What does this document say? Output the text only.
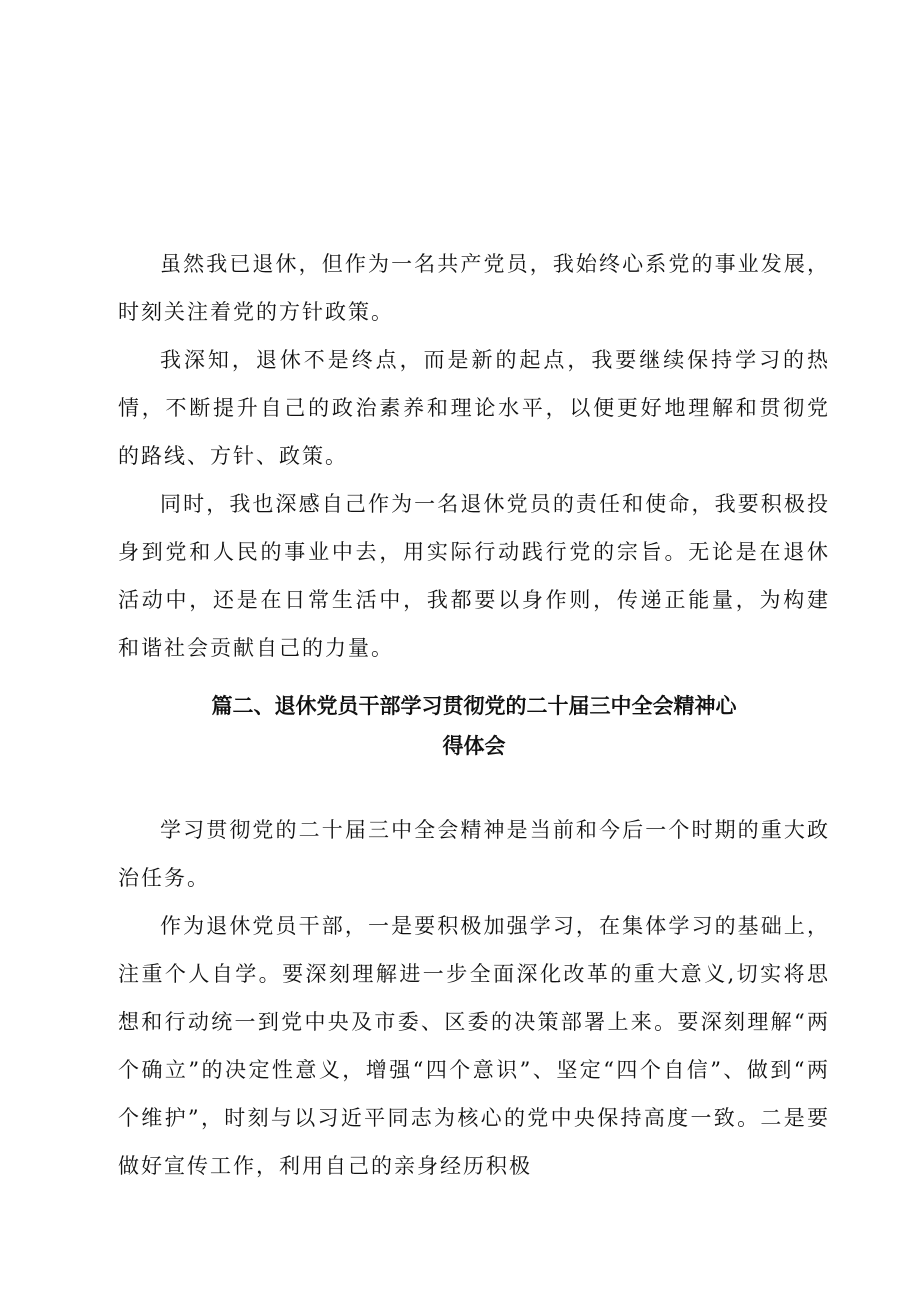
虽然我已退休，但作为一名共产党员，我始终心系党的事业发展，时刻关注着党的方针政策。

我深知，退休不是终点，而是新的起点，我要继续保持学习的热情，不断提升自己的政治素养和理论水平，以便更好地理解和贯彻党的路线、方针、政策。

同时，我也深感自己作为一名退休党员的责任和使命，我要积极投身到党和人民的事业中去，用实际行动践行党的宗旨。无论是在退休活动中，还是在日常生活中，我都要以身作则，传递正能量，为构建和谐社会贡献自己的力量。

篇二、退休党员干部学习贯彻党的二十届三中全会精神心
得体会

学习贯彻党的二十届三中全会精神是当前和今后一个时期的重大政治任务。

作为退休党员干部，一是要积极加强学习，在集体学习的基础上，注重个人自学。要深刻理解进一步全面深化改革的重大意义,切实将思想和行动统一到党中央及市委、区委的决策部署上来。要深刻理解“两个确立”的决定性意义，增强“四个意识”、坚定“四个自信”、做到“两个维护”，时刻与以习近平同志为核心的党中央保持高度一致。二是要做好宣传工作，利用自己的亲身经历积极
